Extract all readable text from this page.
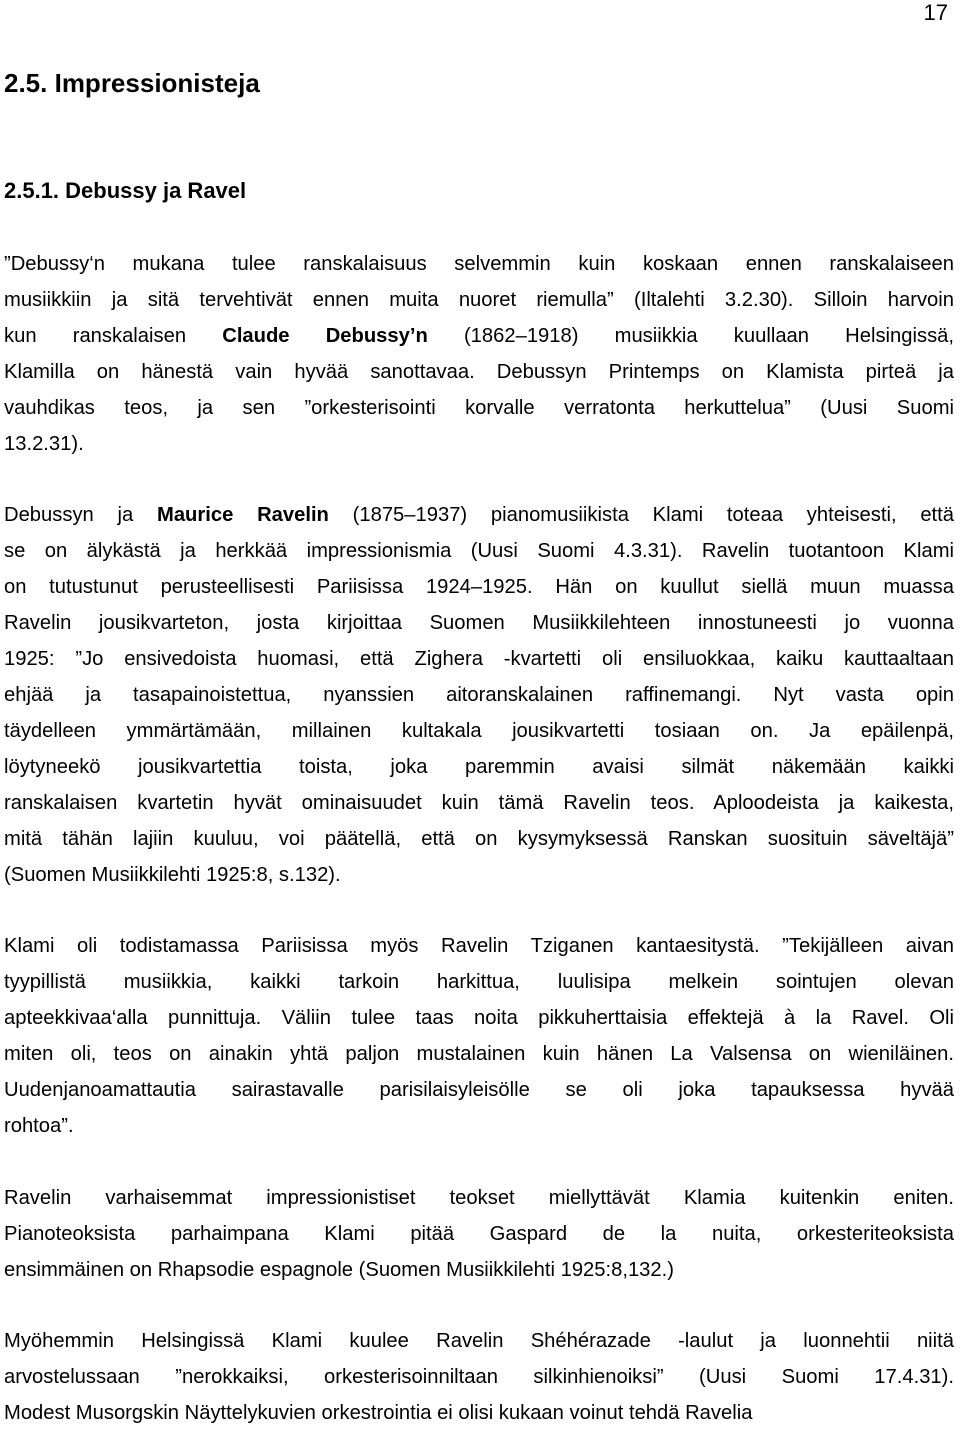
17
2.5. Impressionisteja
2.5.1. Debussy ja Ravel

”Debussy‘n mukana tulee ranskalaisuus selvemmin kuin koskaan ennen ranskalaiseen
musiikkiin ja sitä tervehtivät ennen muita nuoret riemulla” (Iltalehti 3.2.30). Silloin harvoin
kun ranskalaisen Claude Debussy’n (1862–1918) musiikkia kuullaan Helsingissä,
Klamilla on hänestä vain hyvää sanottavaa. Debussyn Printemps on Klamista pirteä ja
vauhdikas teos, ja sen ”orkesterisointi korvalle verratonta herkuttelua” (Uusi Suomi
13.2.31).

Debussyn ja Maurice Ravelin (1875–1937) pianomusiikista Klami toteaa yhteisesti, että
se on älykästä ja herkkää impressionismia (Uusi Suomi 4.3.31). Ravelin tuotantoon Klami
on tutustunut perusteellisesti Pariisissa 1924–1925. Hän on kuullut siellä muun muassa
Ravelin jousikvarteton, josta kirjoittaa Suomen Musiikkilehteen innostuneesti jo vuonna
1925: ”Jo ensivedoista huomasi, että Zighera -kvartetti oli ensiluokkaa, kaiku kauttaaltaan
ehjää ja tasapainoistettua, nyanssien aitoranskalainen raffinemangi. Nyt vasta opin
täydelleen ymmärtämään, millainen kultakala jousikvartetti tosiaan on. Ja epäilenpä,
löytyneekö jousikvartettia toista, joka paremmin avaisi silmät näkemään kaikki
ranskalaisen kvartetin hyvät ominaisuudet kuin tämä Ravelin teos. Aploodeista ja kaikesta,
mitä tähän lajiin kuuluu, voi päätellä, että on kysymyksessä Ranskan suosituin säveltäjä”
(Suomen Musiikkilehti 1925:8, s.132).

Klami oli todistamassa Pariisissa myös Ravelin Tziganen kantaesitystä. ”Tekijälleen aivan
tyypillistä musiikkia, kaikki tarkoin harkittua, luulisipa melkein sointujen olevan
apteekkivaa‘alla punnittuja. Väliin tulee taas noita pikkuherttaisia effektejä à la Ravel. Oli
miten oli, teos on ainakin yhtä paljon mustalainen kuin hänen La Valsensa on wieniläinen.
Uudenjanoamattautia sairastavalle parisilaisyleisölle se oli joka tapauksessa hyvää
rohtoa”.

Ravelin varhaisemmat impressionistiset teokset miellyttävät Klamia kuitenkin eniten.
Pianoteoksista parhaimpana Klami pitää Gaspard de la nuita, orkesteriteoksista
ensimmäinen on Rhapsodie espagnole (Suomen Musiikkilehti 1925:8,132.)

Myöhemmin Helsingissä Klami kuulee Ravelin Shéhérazade -laulut ja luonnehtii niitä
arvostelussaan ”nerokkaiksi, orkesterisoinniltaan silkinhienoiksi” (Uusi Suomi 17.4.31).
Modest Musorgskin Näyttelykuvien orkestrointia ei olisi kukaan voinut tehdä Ravelia
